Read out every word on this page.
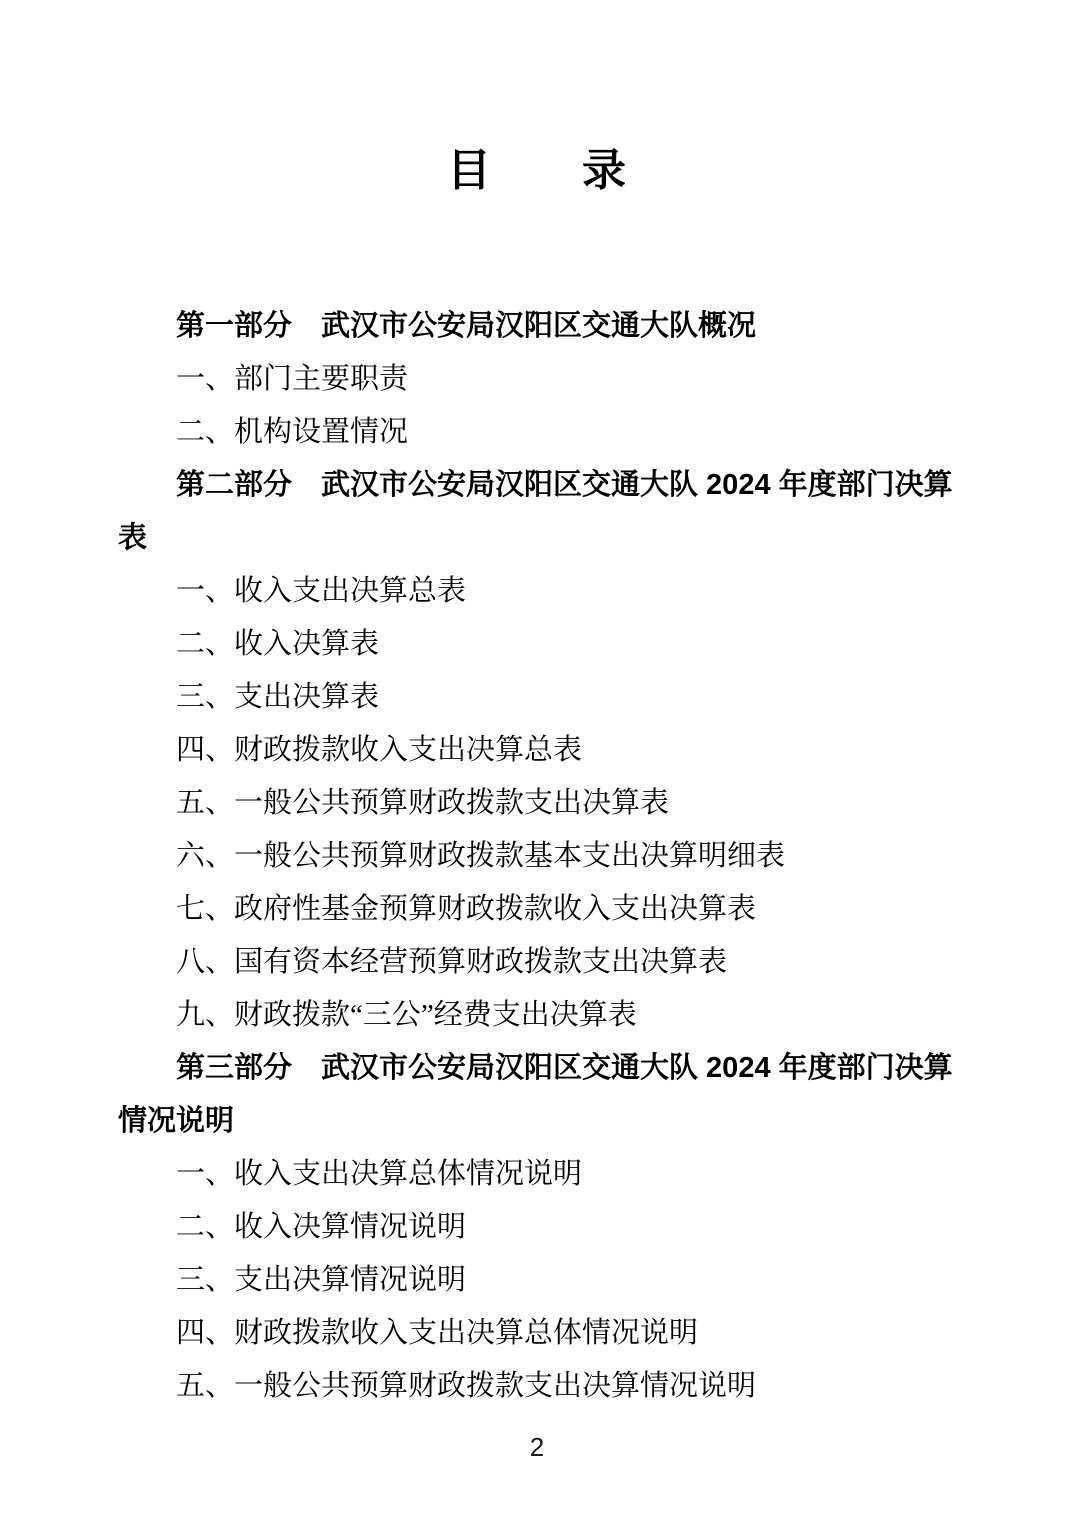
目　　录
第一部分　武汉市公安局汉阳区交通大队概况
一、部门主要职责
二、机构设置情况
第二部分　武汉市公安局汉阳区交通大队 2024 年度部门决算
表
一、收入支出决算总表
二、收入决算表
三、支出决算表
四、财政拨款收入支出决算总表
五、一般公共预算财政拨款支出决算表
六、一般公共预算财政拨款基本支出决算明细表
七、政府性基金预算财政拨款收入支出决算表
八、国有资本经营预算财政拨款支出决算表
九、财政拨款“三公”经费支出决算表
第三部分　武汉市公安局汉阳区交通大队 2024 年度部门决算
情况说明
一、收入支出决算总体情况说明
二、收入决算情况说明
三、支出决算情况说明
四、财政拨款收入支出决算总体情况说明
五、一般公共预算财政拨款支出决算情况说明
2
